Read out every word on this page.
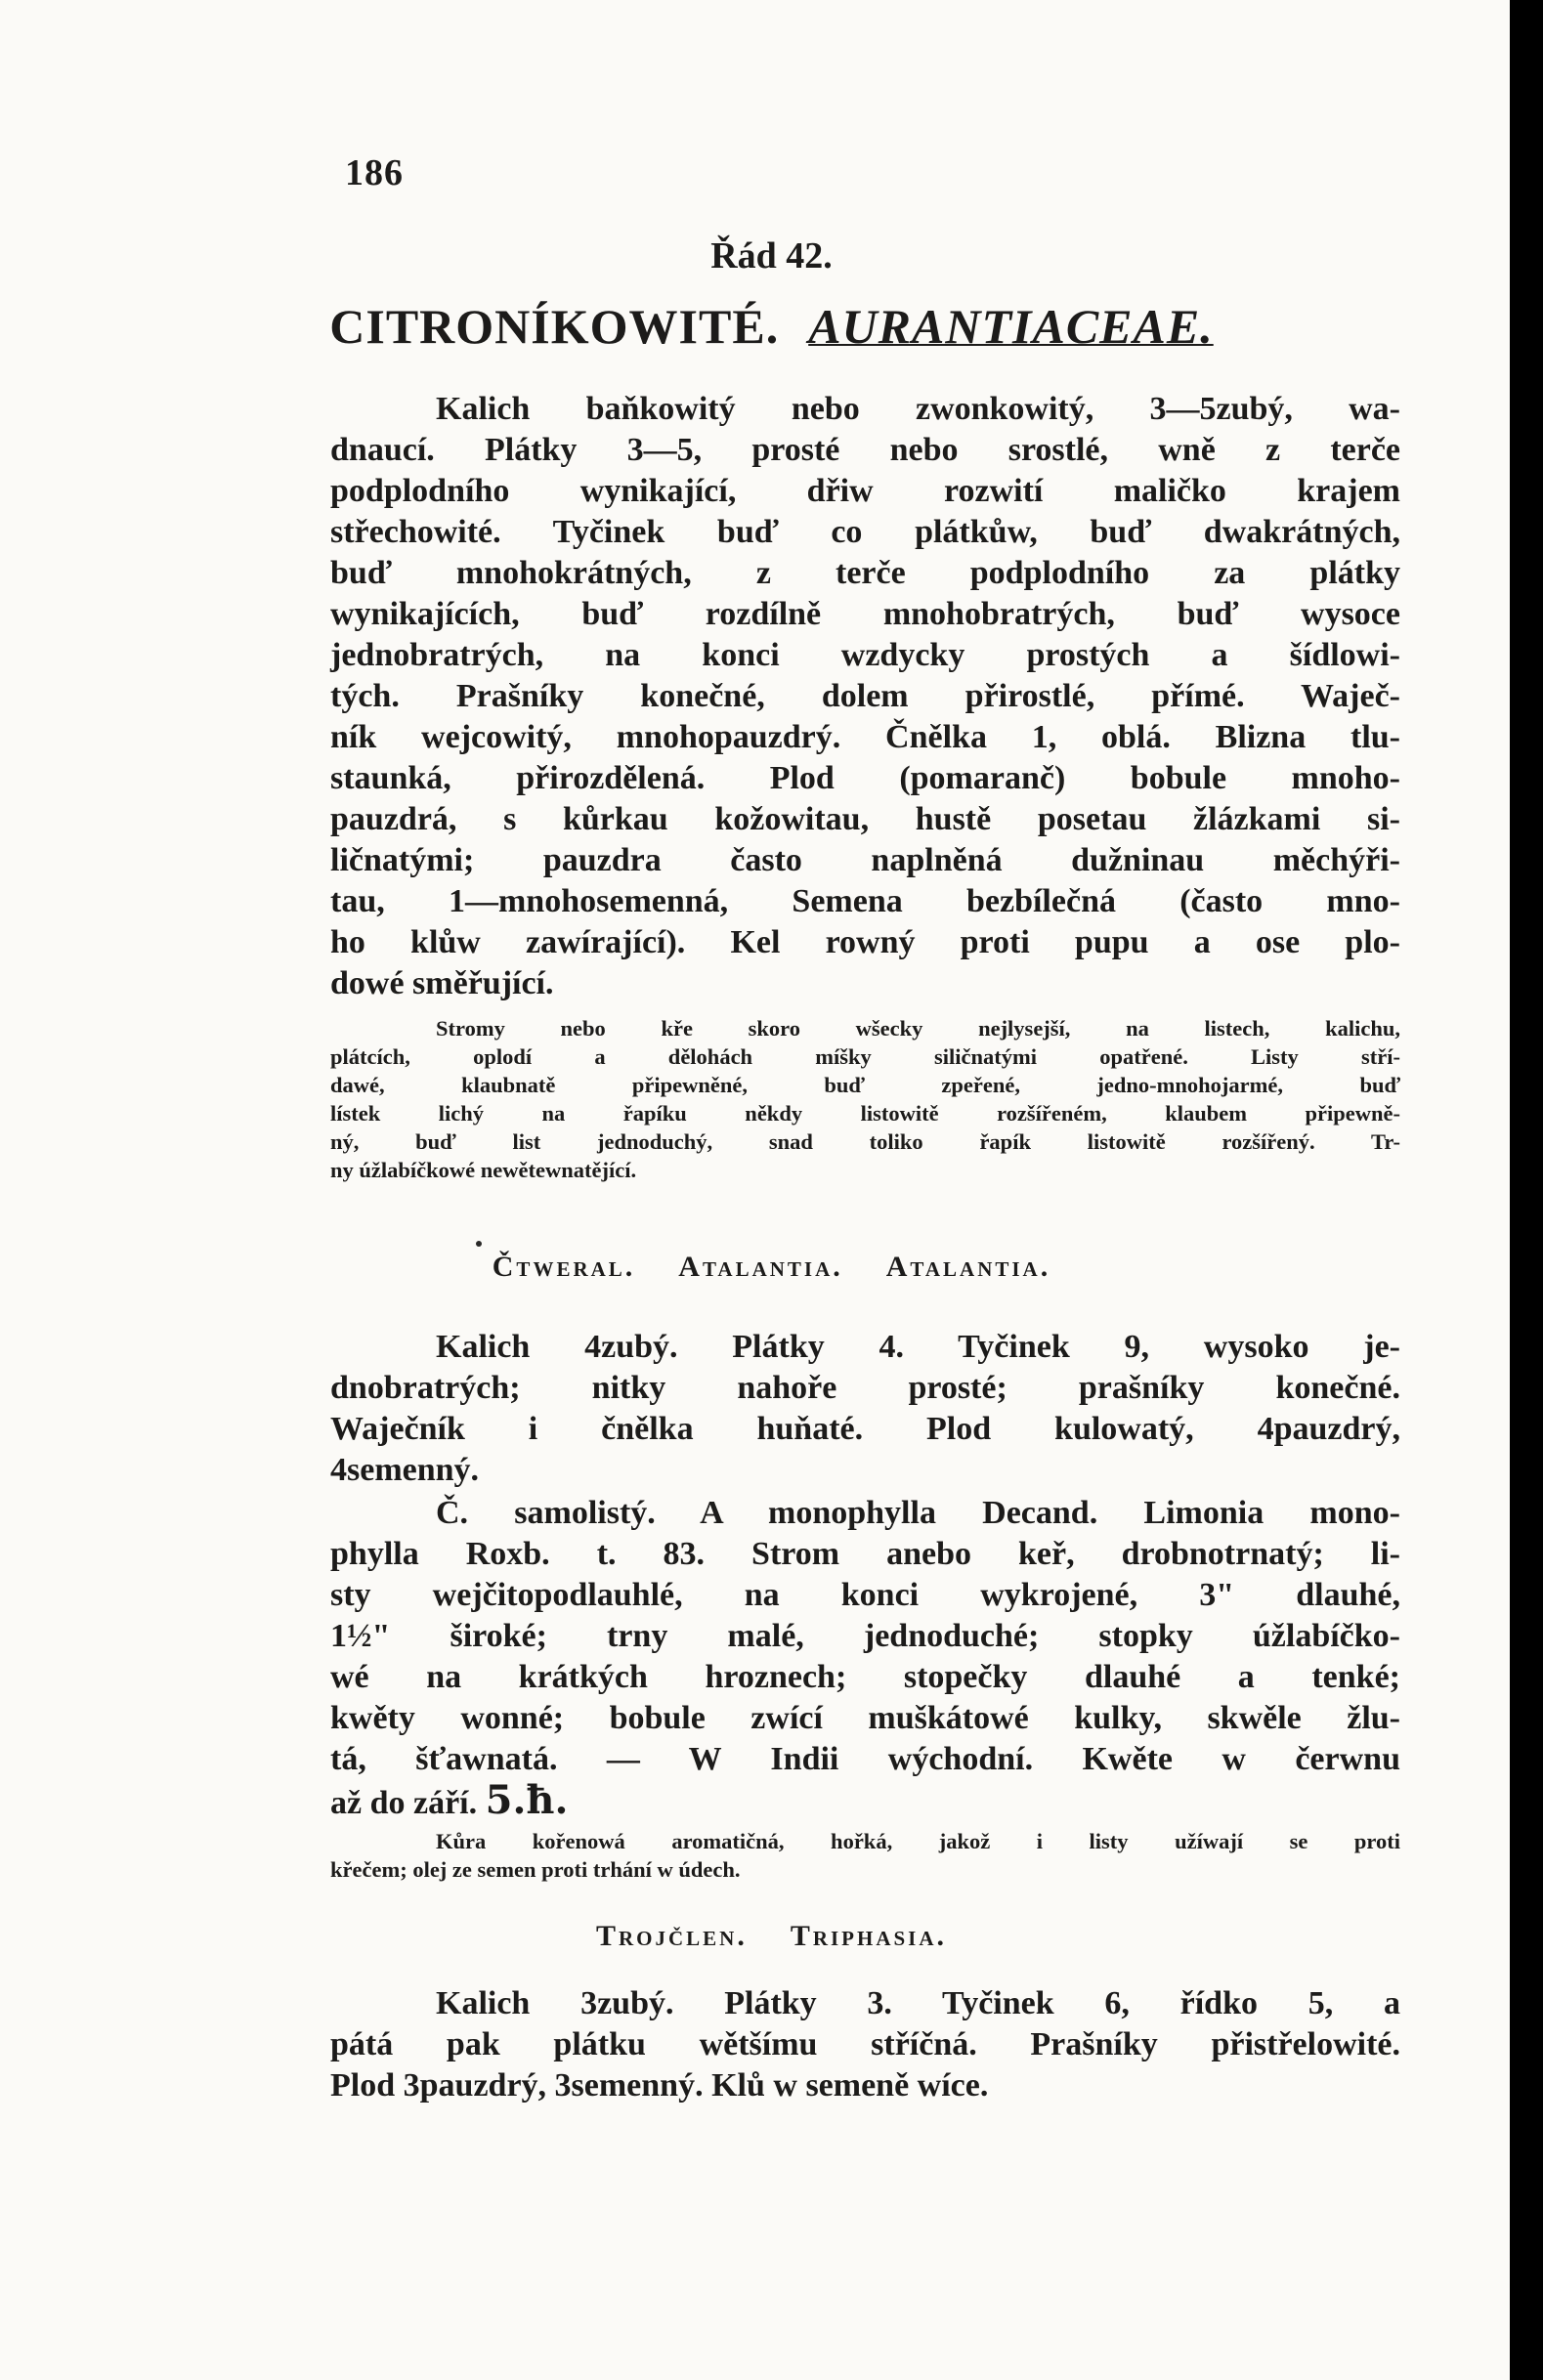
186
Řád 42.
CITRONÍKOWITÉ. AURANTIACEAE.
Kalich baňkowitý nebo zwonkowitý, 3—5zubý, wa-
dnaucí. Plátky 3—5, prosté nebo srostlé, wně z terče
podplodního wynikající, dřiw rozwití maličko krajem
střechowité. Tyčinek buď co plátkůw, buď dwakrátných,
buď mnohokrátných, z terče podplodního za plátky
wynikajících, buď rozdílně mnohobratrých, buď wysoce
jednobratrých, na konci wzdycky prostých a šídlowi-
tých. Prašníky konečné, dolem přirostlé, přímé. Waječ-
ník wejcowitý, mnohopauzdrý. Čnělka 1, oblá. Blizna tlu-
staunká, přirozdělená. Plod (pomaranč) bobule mnoho-
pauzdrá, s kůrkau kožowitau, hustě posetau žlázkami si-
ličnatými; pauzdra často naplněná dužninau měchýři-
tau, 1—mnohosemenná, Semena bezbílečná (často mno-
ho klůw zawírající). Kel rowný proti pupu a ose plo-
dowé směřující.
Stromy nebo kře skoro wšecky nejlysejší, na listech, kalichu,
plátcích, oplodí a dělohách míšky siličnatými opatřené. Listy stří-
dawé, klaubnatě připewněné, buď zpeřené, jedno-mnohojarmé, buď
lístek lichý na řapíku někdy listowitě rozšířeném, klaubem připewně-
ný, buď list jednoduchý, snad toliko řapík listowitě rozšířený. Tr-
ny úžlabíčkowé newětewnatějící.
Čtweral. Atalantia. Atalantia.
Kalich 4zubý. Plátky 4. Tyčinek 9, wysoko je-
dnobratrých; nitky nahoře prosté; prašníky konečné.
Waječník i čnělka huňaté. Plod kulowatý, 4pauzdrý,
4semenný.
Č. samolistý. A monophylla Decand. Limonia mono-
phylla Roxb. t. 83. Strom anebo keř, drobnotrnatý; li-
sty wejčitopodlauhlé, na konci wykrojené, 3" dlauhé,
1½" široké; trny malé, jednoduché; stopky úžlabíčko-
wé na krátkých hroznech; stopečky dlauhé a tenké;
kwěty wonné; bobule zwící muškátowé kulky, skwěle žlu-
tá, šťawnatá. — W Indii wýchodní. Kwěte w čerwnu
až do září. 5.ħ.
Kůra kořenowá aromatičná, hořká, jakož i listy užíwají se proti
křečem; olej ze semen proti trhání w údech.
Trojčlen. Triphasia.
Kalich 3zubý. Plátky 3. Tyčinek 6, řídko 5, a
pátá pak plátku wětšímu stříčná. Prašníky přistřelowité.
Plod 3pauzdrý, 3semenný. Klů w semeně wíce.
